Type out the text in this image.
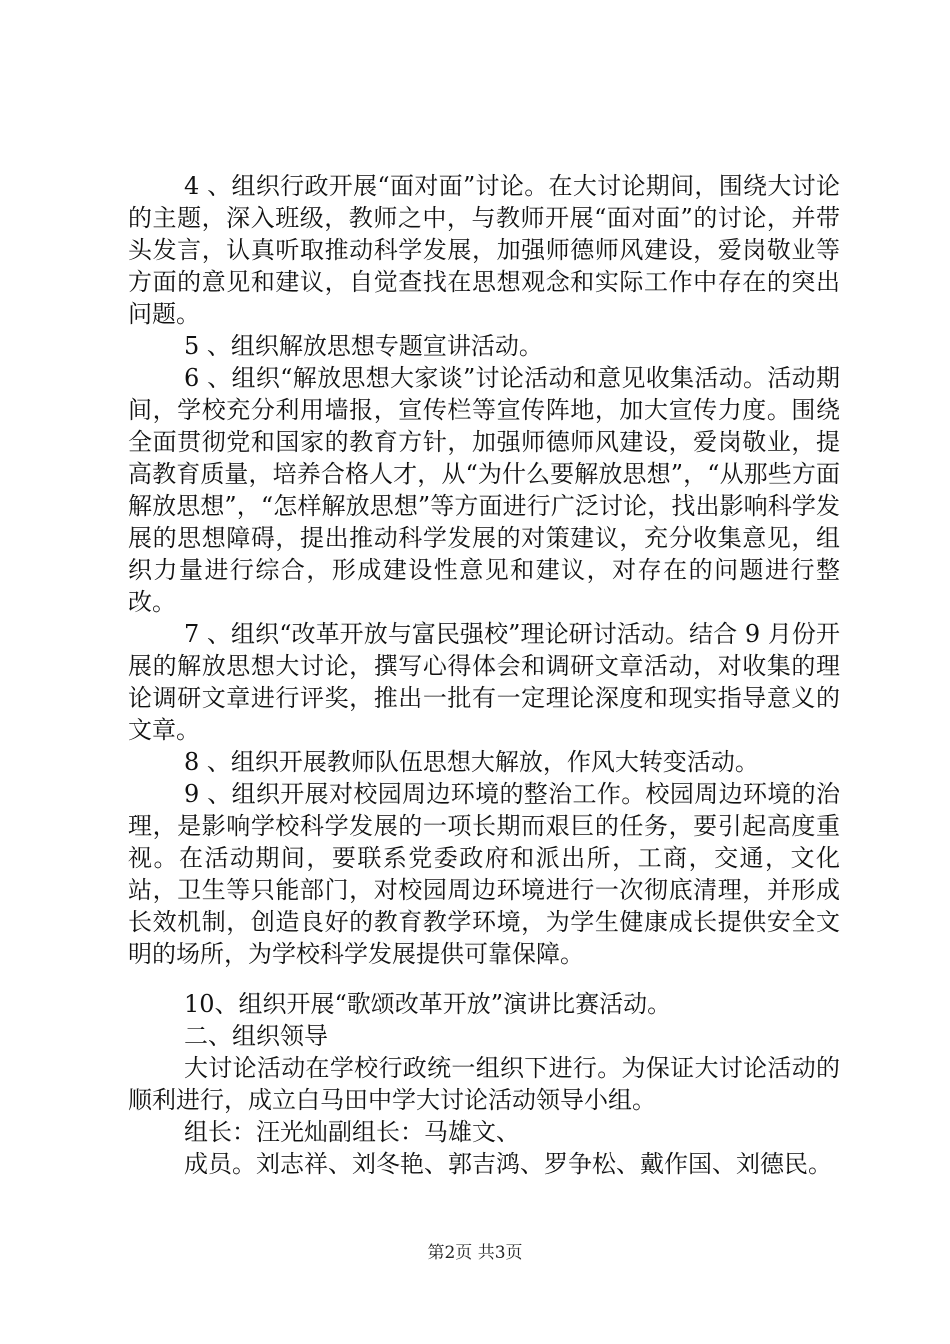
4 、组织行政开展“面对面”讨论。在大讨论期间，围绕大讨论的主题，深入班级，教师之中，与教师开展“面对面”的讨论，并带头发言，认真听取推动科学发展，加强师德师风建设，爱岗敬业等方面的意见和建议，自觉查找在思想观念和实际工作中存在的突出问题。

5 、组织解放思想专题宣讲活动。

6 、组织“解放思想大家谈”讨论活动和意见收集活动。活动期间，学校充分利用墙报，宣传栏等宣传阵地，加大宣传力度。围绕全面贯彻党和国家的教育方针，加强师德师风建设，爱岗敬业，提高教育质量，培养合格人才，从“为什么要解放思想”，“从那些方面解放思想”，“怎样解放思想”等方面进行广泛讨论，找出影响科学发展的思想障碍，提出推动科学发展的对策建议，充分收集意见，组织力量进行综合，形成建设性意见和建议，对存在的问题进行整改。

7 、组织“改革开放与富民强校”理论研讨活动。结合 9 月份开展的解放思想大讨论，撰写心得体会和调研文章活动，对收集的理论调研文章进行评奖，推出一批有一定理论深度和现实指导意义的文章。

8 、组织开展教师队伍思想大解放，作风大转变活动。

9 、组织开展对校园周边环境的整治工作。校园周边环境的治理，是影响学校科学发展的一项长期而艰巨的任务，要引起高度重视。在活动期间，要联系党委政府和派出所，工商，交通，文化站，卫生等只能部门，对校园周边环境进行一次彻底清理，并形成长效机制，创造良好的教育教学环境，为学生健康成长提供安全文明的场所，为学校科学发展提供可靠保障。

10、组织开展“歌颂改革开放”演讲比赛活动。

二、组织领导

大讨论活动在学校行政统一组织下进行。为保证大讨论活动的顺利进行，成立白马田中学大讨论活动领导小组。

组长：汪光灿副组长：马雄文、

成员。刘志祥、刘冬艳、郭吉鸿、罗争松、戴作国、刘德民。

第2页 共3页
